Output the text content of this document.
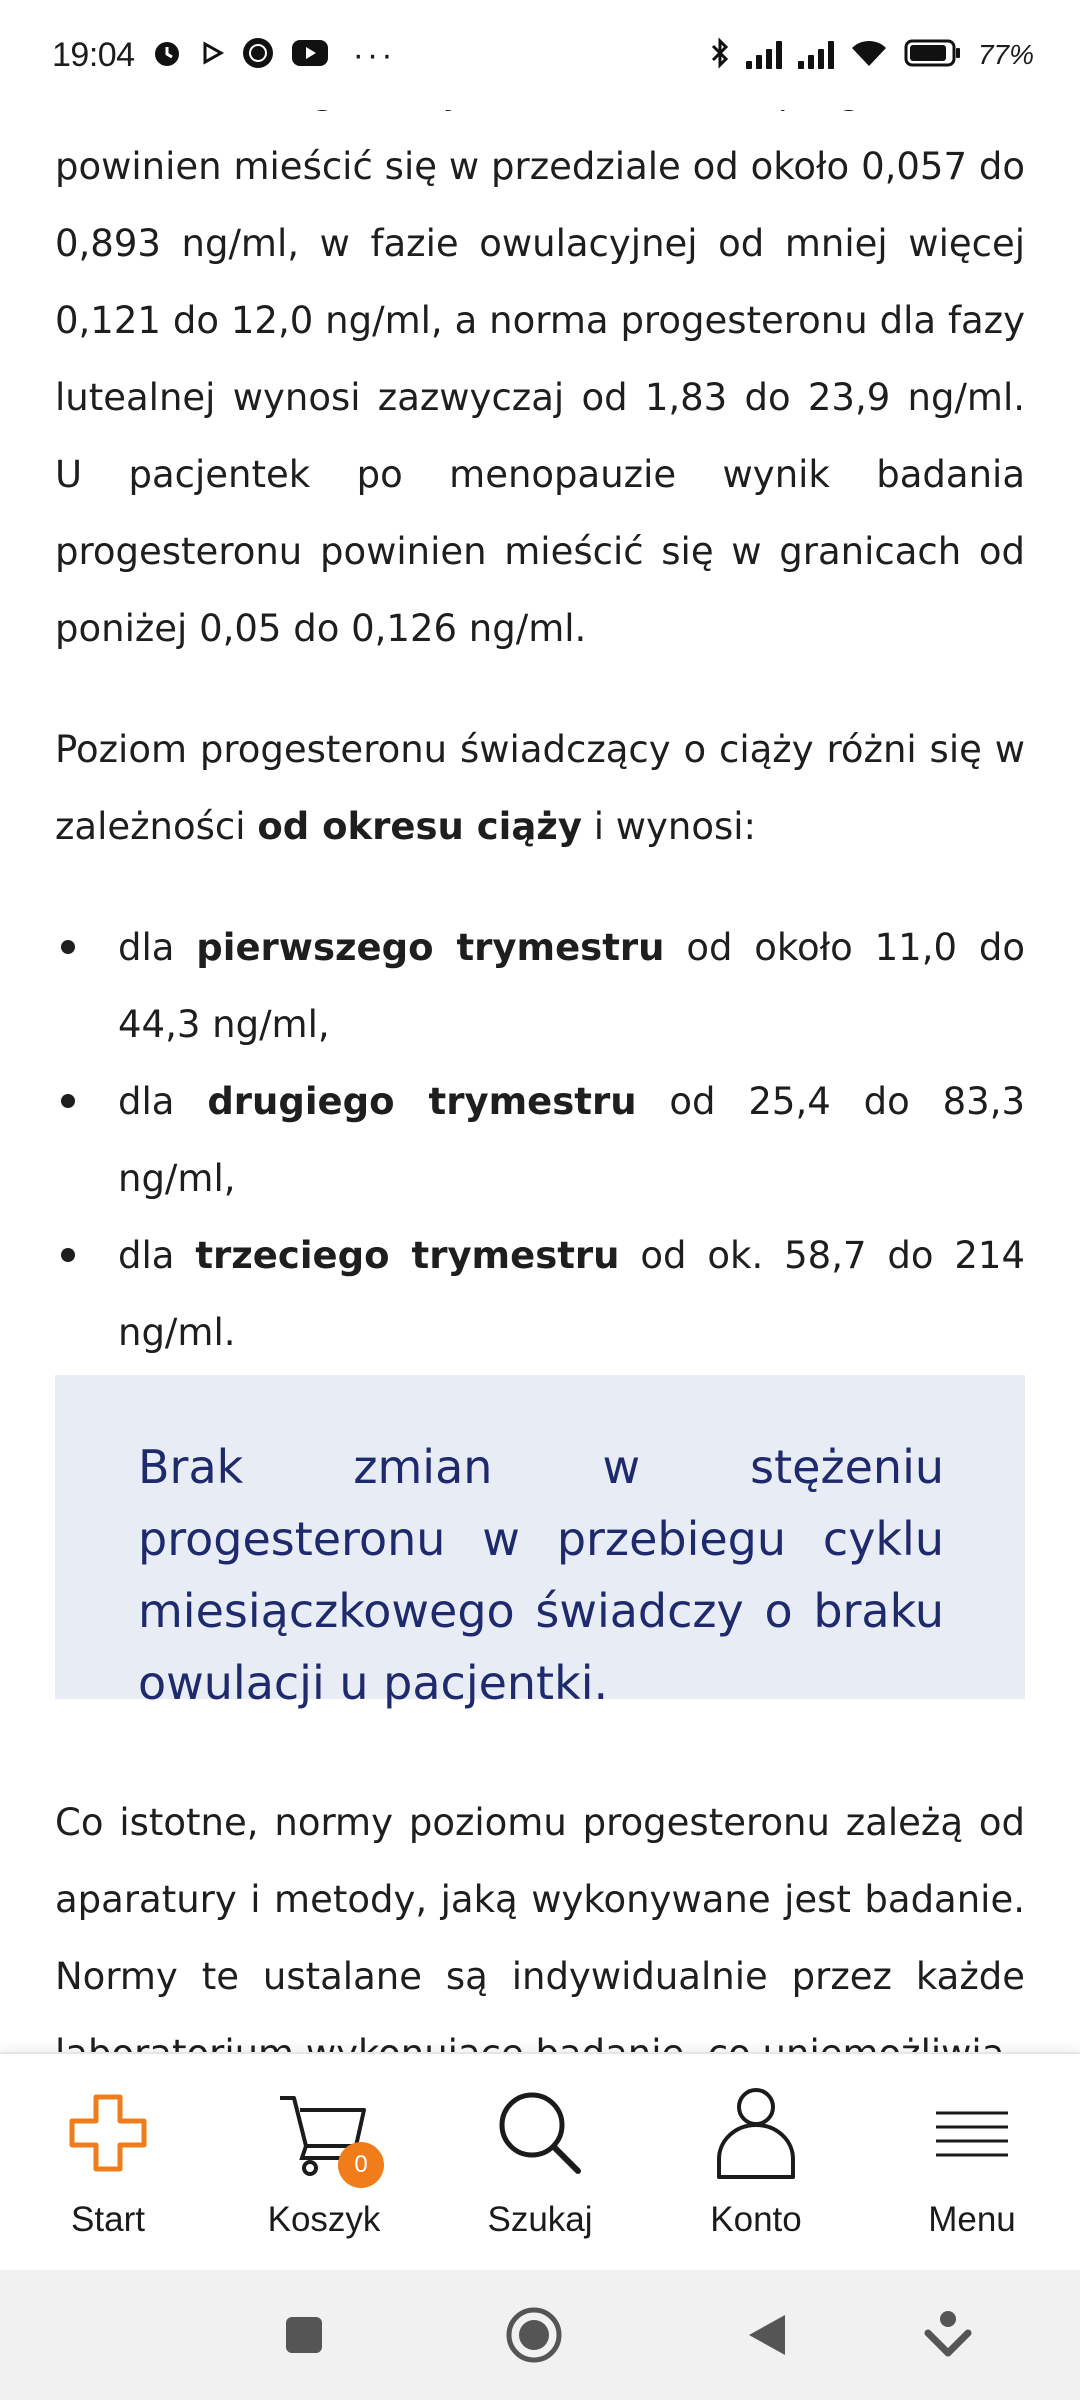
powinien mieścić się w przedziale od około 0,057 do 0,893 ng/ml, w fazie owulacyjnej od mniej więcej 0,121 do 12,0 ng/ml, a norma progesteronu dla fazy lutealnej wynosi zazwyczaj od 1,83 do 23,9 ng/ml. U pacjentek po menopauzie wynik badania progesteronu powinien mieścić się w granicach od poniżej 0,05 do 0,126 ng/ml.
Poziom progesteronu świadczący o ciąży różni się w zależności od okresu ciąży i wynosi:
dla pierwszego trymestru od około 11,0 do 44,3 ng/ml,
dla drugiego trymestru od 25,4 do 83,3 ng/ml,
dla trzeciego trymestru od ok. 58,7 do 214 ng/ml.
Brak zmian w stężeniu progesteronu w przebiegu cyklu miesiączkowego świadczy o braku owulacji u pacjentki.
Co istotne, normy poziomu progesteronu zależą od aparatury i metody, jaką wykonywane jest badanie. Normy te ustalane są indywidualnie przez każde
19:04	···	77%
Start
0
Koszyk	Szukaj	Konto	Menu
